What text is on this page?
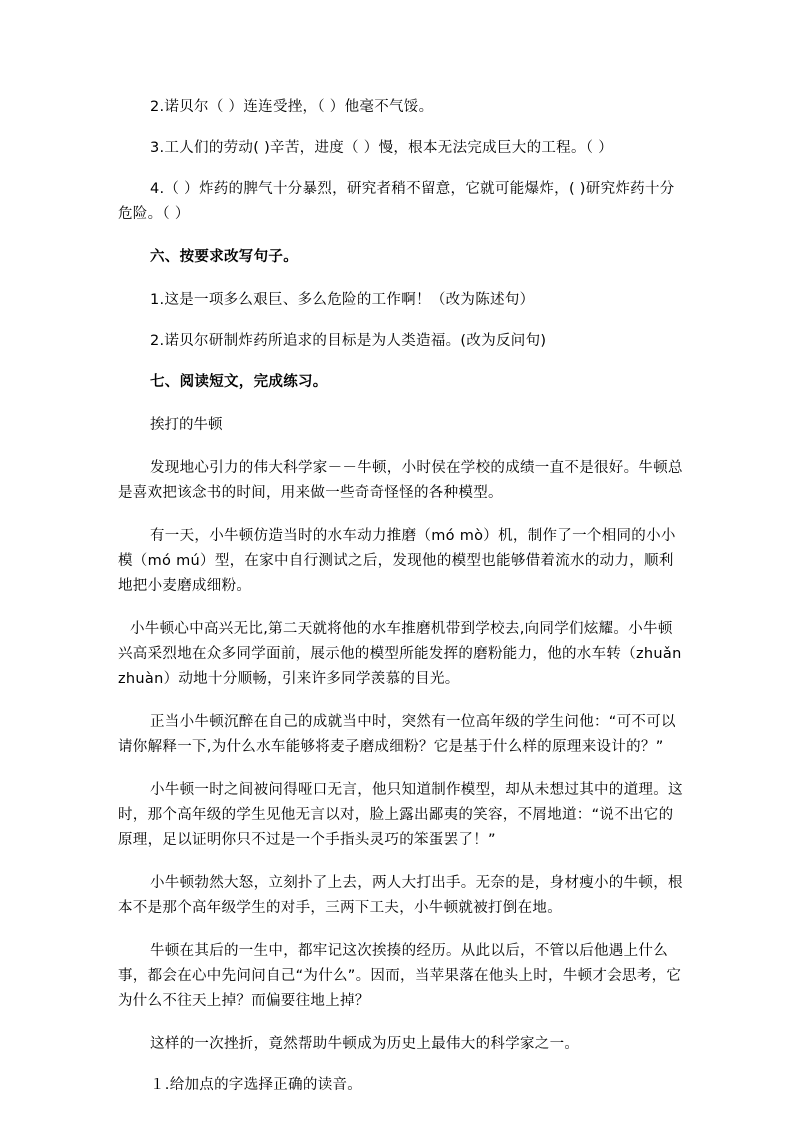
2.诺贝尔（ ）连连受挫，（ ）他毫不气馁。

3.工人们的劳动( )辛苦，进度（ ）慢，根本无法完成巨大的工程。（ ）

4.（ ）炸药的脾气十分暴烈，研究者稍不留意，它就可能爆炸，( )研究炸药十分危险。（ ）

六、按要求改写句子。

1.这是一项多么艰巨、多么危险的工作啊！（改为陈述句）

2.诺贝尔研制炸药所追求的目标是为人类造福。(改为反问句)

七、阅读短文，完成练习。

挨打的牛顿

发现地心引力的伟大科学家－－牛顿，小时侯在学校的成绩一直不是很好。牛顿总是喜欢把该念书的时间，用来做一些奇奇怪怪的各种模型。

有一天，小牛顿仿造当时的水车动力推磨（mó mò）机，制作了一个相同的小小模（mó mú）型，在家中自行测试之后，发现他的模型也能够借着流水的动力，顺利地把小麦磨成细粉。

小牛顿心中高兴无比,第二天就将他的水车推磨机带到学校去,向同学们炫耀。小牛顿兴高采烈地在众多同学面前，展示他的模型所能发挥的磨粉能力，他的水车转（zhuǎn zhuàn）动地十分顺畅，引来许多同学羡慕的目光。

正当小牛顿沉醉在自己的成就当中时，突然有一位高年级的学生问他：“可不可以请你解释一下,为什么水车能够将麦子磨成细粉？它是基于什么样的原理来设计的？”

小牛顿一时之间被问得哑口无言，他只知道制作模型，却从未想过其中的道理。这时，那个高年级的学生见他无言以对，脸上露出鄙夷的笑容，不屑地道：“说不出它的原理，足以证明你只不过是一个手指头灵巧的笨蛋罢了！”

小牛顿勃然大怒，立刻扑了上去，两人大打出手。无奈的是，身材瘦小的牛顿，根本不是那个高年级学生的对手，三两下工夫，小牛顿就被打倒在地。

牛顿在其后的一生中，都牢记这次挨揍的经历。从此以后，不管以后他遇上什么事，都会在心中先问问自己“为什么”。因而，当苹果落在他头上时，牛顿才会思考，它为什么不往天上掉？而偏要往地上掉？

这样的一次挫折，竟然帮助牛顿成为历史上最伟大的科学家之一。

１.给加点的字选择正确的读音。
